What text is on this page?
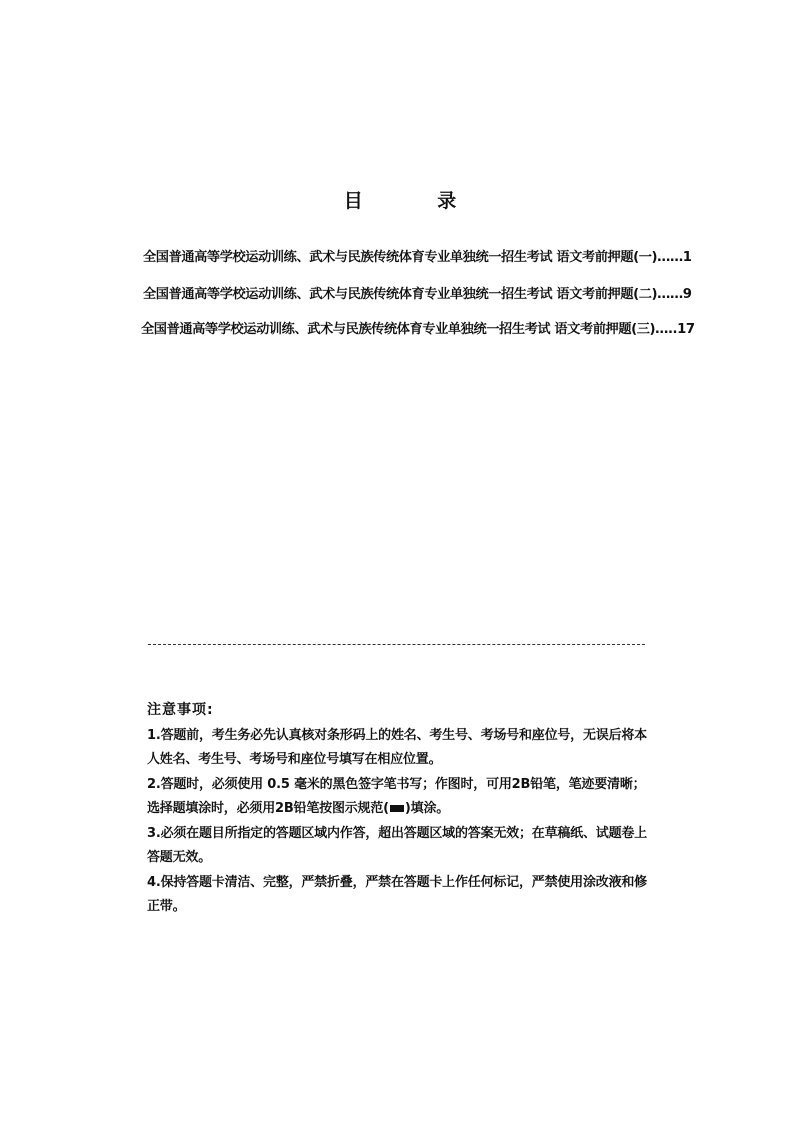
目 录
全国普通高等学校运动训练、武术与民族传统体育专业单独统一招生考试 语文考前押题(一)……1
全国普通高等学校运动训练、武术与民族传统体育专业单独统一招生考试 语文考前押题(二)……9
全国普通高等学校运动训练、武术与民族传统体育专业单独统一招生考试 语文考前押题(三)…..17
注意事项:

1.答题前，考生务必先认真核对条形码上的姓名、考生号、考场号和座位号，无误后将本人姓名、考生号、考场号和座位号填写在相应位置。

2.答题时，必须使用 0.5 毫米的黑色签字笔书写；作图时，可用2B铅笔，笔迹要清晰；选择题填涂时，必须用2B铅笔按图示规范( )填涂。

3.必须在题目所指定的答题区域内作答，超出答题区域的答案无效；在草稿纸、试题卷上答题无效。

4.保持答题卡清洁、完整，严禁折叠，严禁在答题卡上作任何标记，严禁使用涂改液和修正带。
